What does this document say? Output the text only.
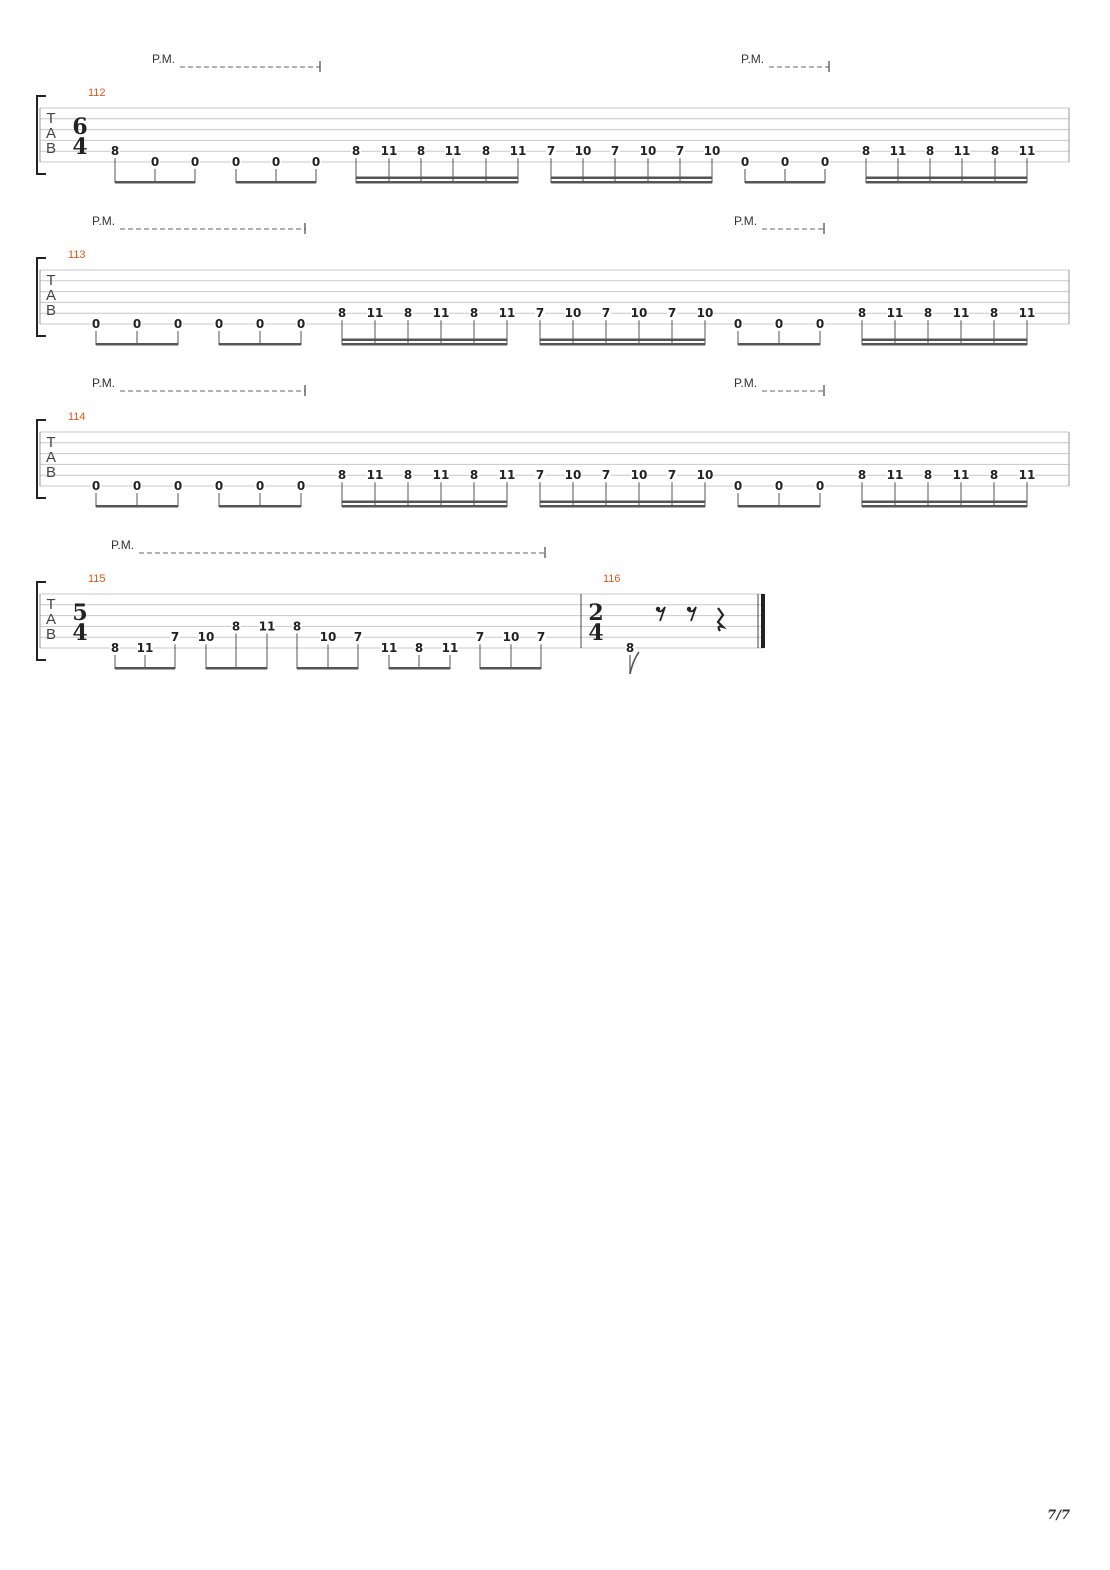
T
A
B
112
6
4
P.M.	P.M.
8
0	0	0	0	0
8 11 8 11 8 11 7 10 7 10 7 10
0	0	0
8 11 8 11 8 11
T
A
B
113
P.M.	P.M.
0	0	0	0	0	0
8 11 8 11 8 11 7 10 7 10 7 10
0	0	0
8 11 8 11 8 11
T
A
B
114
P.M.	P.M.
0	0	0	0	0	0
8 11 8 11 8 11 7 10 7 10 7 10
0	0	0
8 11 8 11 8 11
T
A
B
115
5
4
P.M.
8 11
7 10
8 11 8
10 7
11 8 11
7 10 7
116
2
4
8
7/7
